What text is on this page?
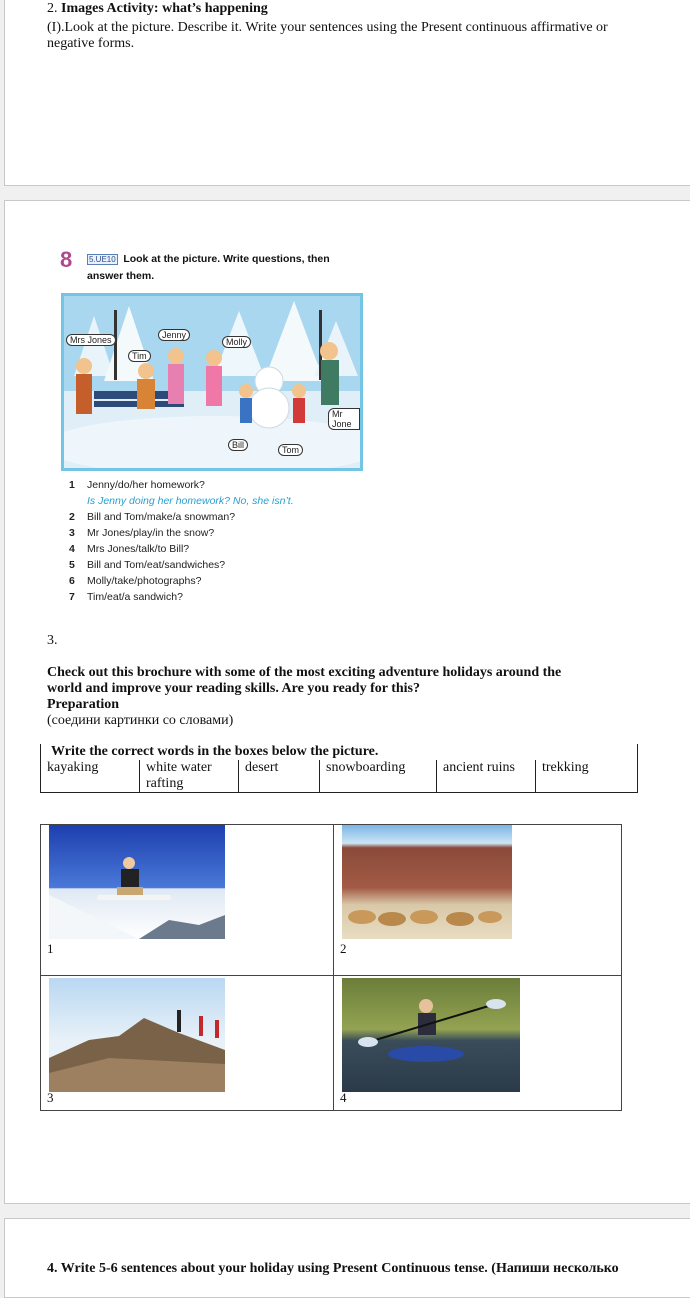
2. Images Activity: what’s happening
(I).Look at the picture. Describe it. Write your sentences using the Present continuous affirmative or
negative forms.
8 5.UE10 Look at the picture. Write questions, then
answer them.
Mrs Jones	Jenny
Molly
Tim
Mr Jone
Bill	Tom
1 Jenny/do/her homework?
Is Jenny doing her homework? No, she isn’t.
2 Bill and Tom/make/a snowman?
3 Mr Jones/play/in the snow?
4 Mrs Jones/talk/to Bill?
5 Bill and Tom/eat/sandwiches?
6 Molly/take/photographs?
7 Tim/eat/a sandwich?
3.
Check out this brochure with some of the most exciting adventure holidays around the
world and improve your reading skills. Are you ready for this?
Preparation
(соедини картинки со словами)
Write the correct words in the boxes below the picture.
kayaking	white water rafting	desert	snowboarding	ancient ruins	trekking
1	2

3	4
4. Write 5-6 sentences about your holiday using Present Continuous tense. (Напиши несколько
